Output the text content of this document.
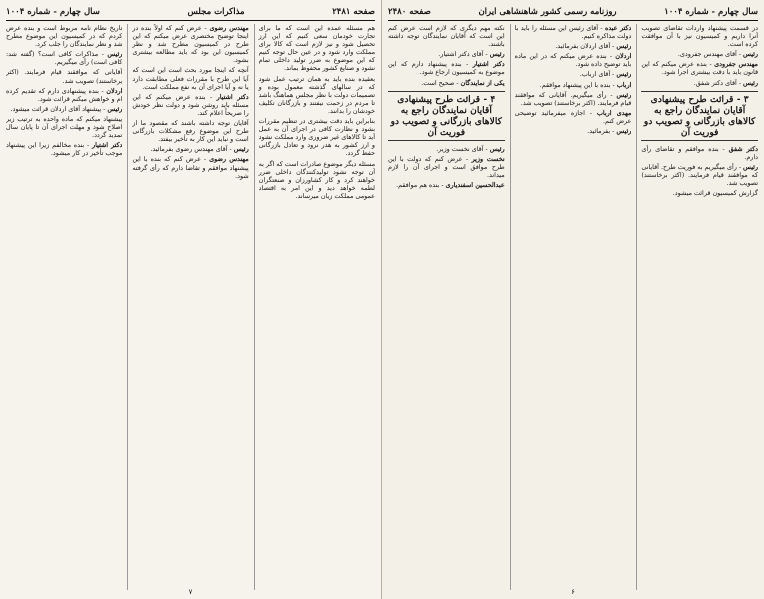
صفحه ۲۴۸۱
مذاکرات مجلس
سال چهارم - شماره ۱۰۰۴

هم مسئله عمده این است که ما برای تجارت خودمان سعی کنیم که این ارز تحصیل شود و نیز لازم است که کالا برای مملکت وارد شود و در عین حال توجه کنیم که این موضوع به ضرر تولید داخلی تمام نشود و صنایع کشور محفوظ بماند.

بعقیده بنده باید به همان ترتیب عمل شود که در سالهای گذشته معمول بوده و تصمیمات دولت با نظر مجلس هماهنگ باشد تا مردم در زحمت نیفتند و بازرگانان تکلیف خودشان را بدانند.

بنابراین باید دقت بیشتری در تنظیم مقررات بشود و نظارت کافی در اجرای آن به عمل آید تا کالاهای غیر ضروری وارد مملکت نشود و ارز کشور به هدر نرود و تعادل بازرگانی حفظ گردد.

مسئله دیگر موضوع صادرات است که اگر به آن توجه نشود تولیدکنندگان داخلی ضرر خواهند کرد و کار کشاورزان و صنعتگران لطمه خواهد دید و این امر به اقتصاد عمومی مملکت زیان میرساند.

مهندس رضوی - عرض کنم که اولاً بنده در اینجا توضیح مختصری عرض میکنم که این طرح در کمیسیون مطرح شد و نظر کمیسیون این بود که باید مطالعه بیشتری بشود.

آنچه که اینجا مورد بحث است این است که آیا این طرح با مقررات فعلی مطابقت دارد یا نه و آیا اجرای آن به نفع مملکت است.

دکتر اشتیار - بنده عرض میکنم که این مسئله باید روشن شود و دولت نظر خودش را صریحاً اعلام کند.

آقایان توجه داشته باشند که مقصود ما از طرح این موضوع رفع مشکلات بازرگانی است و نباید این کار به تأخیر بیفتد.

رئیس - آقای مهندس رضوی بفرمائید.

مهندس رضوی - عرض کنم که بنده با این پیشنهاد موافقم و تقاضا دارم که رأی گرفته شود.

تاریخ نظام نامه مربوط است و بنده عرض کردم که در کمیسیون این موضوع مطرح شد و نظر نمایندگان را جلب کرد.

رئیس - مذاکرات کافی است؟ (گفته شد: کافی است) رأی میگیریم.

آقایانی که موافقند قیام فرمایند. (اکثر برخاستند) تصویب شد.

اردلان - بنده پیشنهادی دارم که تقدیم کرده ام و خواهش میکنم قرائت شود.

رئیس - پیشنهاد آقای اردلان قرائت میشود.

پیشنهاد میکنم که ماده واحده به ترتیب زیر اصلاح شود و مهلت اجرای آن تا پایان سال تمدید گردد.

دکتر اشتیار - بنده مخالفم زیرا این پیشنهاد موجب تأخیر در کار میشود.

۷
سال چهارم - شماره ۱۰۰۴
روزنامه رسمی کشور شاهنشاهی ایران
صفحه ۲۴۸۰

در قسمت پیشنهاد واردات تقاضای تصویب آنرا داریم و کمیسیون نیز با آن موافقت کرده است.

رئیس - آقای مهندس جفرودی.

مهندس جفرودی - بنده عرض میکنم که این قانون باید با دقت بیشتری اجرا شود.

رئیس - آقای دکتر شفق.

۳ - قرائت طرح پیشنهادی آقایان نمایندگان راجع به کالاهای بازرگانی و تصویب دو فوریت آن

دکتر شفق - بنده موافقم و تقاضای رأی دارم.

رئیس - رأی میگیریم به فوریت طرح. آقایانی که موافقند قیام فرمایند. (اکثر برخاستند) تصویب شد.

گزارش کمیسیون قرائت میشود.

دکتر عبده - آقای رئیس این مسئله را باید با دولت مذاکره کنیم.

رئیس - آقای اردلان بفرمائید.

اردلان - بنده عرض میکنم که در این ماده باید توضیح داده شود.

رئیس - آقای ارباب.

ارباب - بنده با این پیشنهاد موافقم.

رئیس - رأی میگیریم. آقایانی که موافقند قیام فرمایند. (اکثر برخاستند) تصویب شد.

مهدی ارباب - اجازه میفرمائید توضیحی عرض کنم.

رئیس - بفرمائید.

نکته مهم دیگری که لازم است عرض کنم این است که آقایان نمایندگان توجه داشته باشند.

رئیس - آقای دکتر اشتیار.

دکتر اشتیار - بنده پیشنهاد دارم که این موضوع به کمیسیون ارجاع شود.

یکی از نمایندگان - صحیح است.

۴ - قرائت طرح پیشنهادی آقایان نمایندگان راجع به کالاهای بازرگانی و تصویب دو فوریت آن

رئیس - آقای نخست وزیر.

نخست وزیر - عرض کنم که دولت با این طرح موافق است و اجرای آن را لازم میداند.

عبدالحسین اسفندیاری - بنده هم موافقم.

۶
